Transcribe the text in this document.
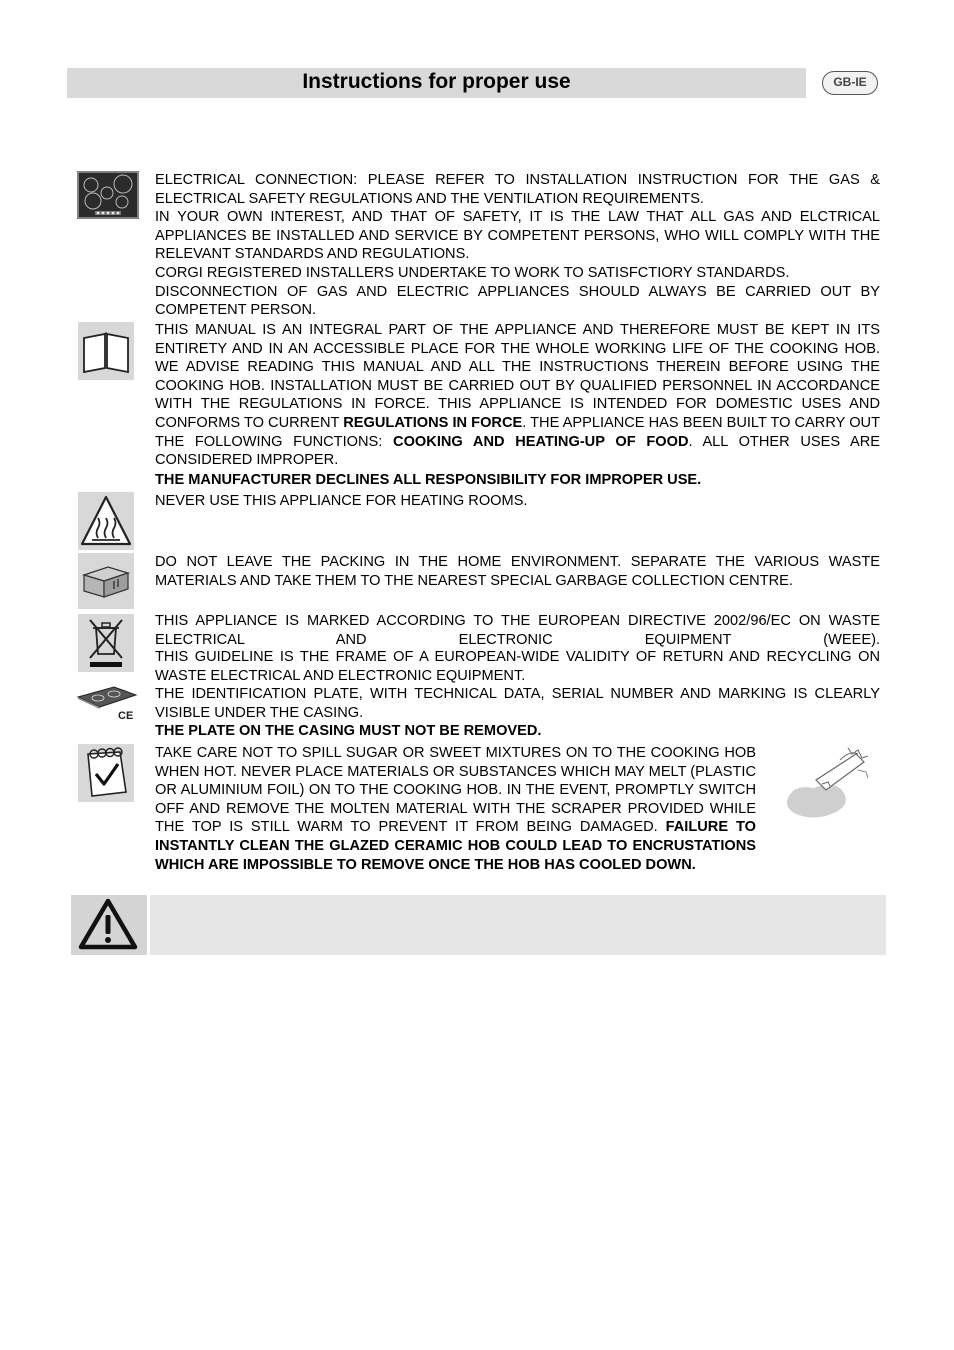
Instructions for proper use	GB-IE

ELECTRICAL CONNECTION: PLEASE REFER TO INSTALLATION INSTRUCTION FOR THE GAS & ELECTRICAL SAFETY REGULATIONS AND THE VENTILATION REQUIREMENTS.

IN YOUR OWN INTEREST, AND THAT OF SAFETY, IT IS THE LAW THAT ALL GAS AND ELCTRICAL APPLIANCES BE INSTALLED AND SERVICE BY COMPETENT PERSONS, WHO WILL COMPLY WITH THE RELEVANT STANDARDS AND REGULATIONS.

CORGI REGISTERED INSTALLERS UNDERTAKE TO WORK TO SATISFCTIORY STANDARDS.

DISCONNECTION OF GAS AND ELECTRIC APPLIANCES SHOULD ALWAYS BE CARRIED OUT BY COMPETENT PERSON.

THIS MANUAL IS AN INTEGRAL PART OF THE APPLIANCE AND THEREFORE MUST BE KEPT IN ITS ENTIRETY AND IN AN ACCESSIBLE PLACE FOR THE WHOLE WORKING LIFE OF THE COOKING HOB. WE ADVISE READING THIS MANUAL AND ALL THE INSTRUCTIONS THEREIN BEFORE USING THE COOKING HOB. INSTALLATION MUST BE CARRIED OUT BY QUALIFIED PERSONNEL IN ACCORDANCE WITH THE REGULATIONS IN FORCE. THIS APPLIANCE IS INTENDED FOR DOMESTIC USES AND CONFORMS TO CURRENT REGULATIONS IN FORCE. THE APPLIANCE HAS BEEN BUILT TO CARRY OUT THE FOLLOWING FUNCTIONS: COOKING AND HEATING-UP OF FOOD. ALL OTHER USES ARE CONSIDERED IMPROPER.

THE MANUFACTURER DECLINES ALL RESPONSIBILITY FOR IMPROPER USE.

NEVER USE THIS APPLIANCE FOR HEATING ROOMS.

DO NOT LEAVE THE PACKING IN THE HOME ENVIRONMENT. SEPARATE THE VARIOUS WASTE MATERIALS AND TAKE THEM TO THE NEAREST SPECIAL GARBAGE COLLECTION CENTRE.

THIS APPLIANCE IS MARKED ACCORDING TO THE EUROPEAN DIRECTIVE 2002/96/EC ON WASTE ELECTRICAL AND ELECTRONIC EQUIPMENT (WEEE).

THIS GUIDELINE IS THE FRAME OF A EUROPEAN-WIDE VALIDITY OF RETURN AND RECYCLING ON WASTE ELECTRICAL AND ELECTRONIC EQUIPMENT.

CE

THE IDENTIFICATION PLATE, WITH TECHNICAL DATA, SERIAL NUMBER AND MARKING IS CLEARLY VISIBLE UNDER THE CASING.

THE PLATE ON THE CASING MUST NOT BE REMOVED.

TAKE CARE NOT TO SPILL SUGAR OR SWEET MIXTURES ON TO THE COOKING HOB WHEN HOT. NEVER PLACE MATERIALS OR SUBSTANCES WHICH MAY MELT (PLASTIC OR ALUMINIUM FOIL) ON TO THE COOKING HOB. IN THE EVENT, PROMPTLY SWITCH OFF AND REMOVE THE MOLTEN MATERIAL WITH THE SCRAPER PROVIDED WHILE THE TOP IS STILL WARM TO PREVENT IT FROM BEING DAMAGED. FAILURE TO INSTANTLY CLEAN THE GLAZED CERAMIC HOB COULD LEAD TO ENCRUSTATIONS WHICH ARE IMPOSSIBLE TO REMOVE ONCE THE HOB HAS COOLED DOWN.
